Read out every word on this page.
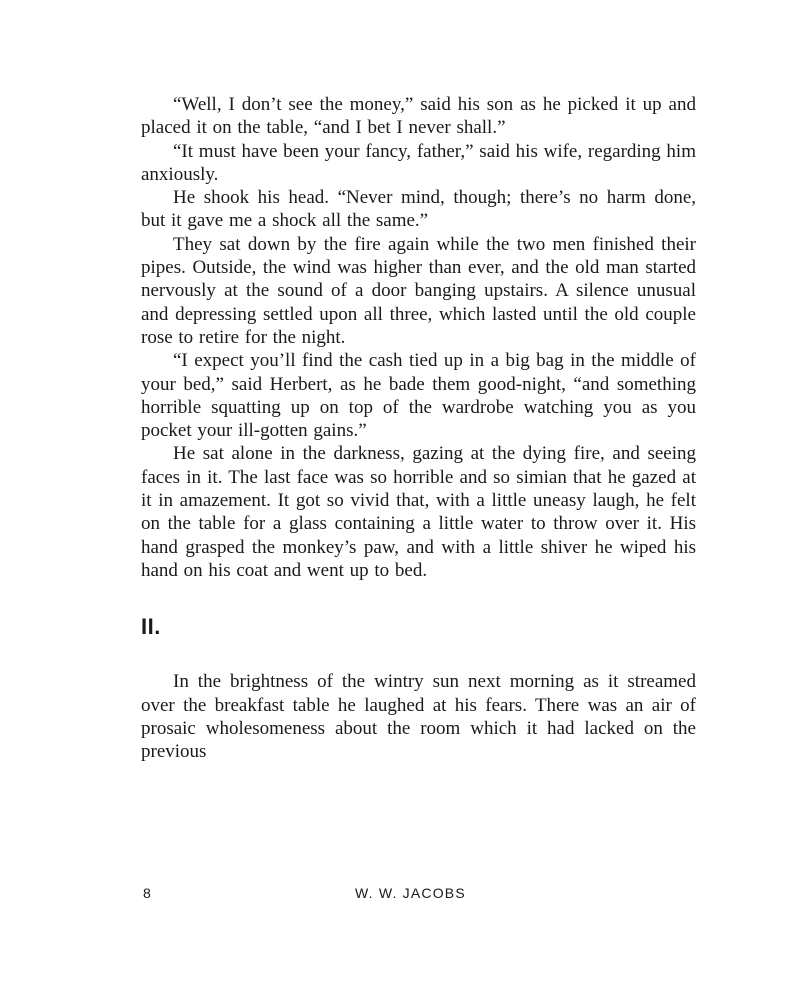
“Well, I don’t see the money,” said his son as he picked it up and placed it on the table, “and I bet I never shall.”

“It must have been your fancy, father,” said his wife, regarding him anxiously.

He shook his head. “Never mind, though; there’s no harm done, but it gave me a shock all the same.”

They sat down by the fire again while the two men finished their pipes. Outside, the wind was higher than ever, and the old man started nervously at the sound of a door banging upstairs. A silence unusual and depressing settled upon all three, which lasted until the old couple rose to retire for the night.

“I expect you’ll find the cash tied up in a big bag in the middle of your bed,” said Herbert, as he bade them good-night, “and something horrible squatting up on top of the wardrobe watching you as you pocket your ill-gotten gains.”

He sat alone in the darkness, gazing at the dying fire, and seeing faces in it. The last face was so horrible and so simian that he gazed at it in amazement. It got so vivid that, with a little uneasy laugh, he felt on the table for a glass containing a little water to throw over it. His hand grasped the monkey’s paw, and with a little shiver he wiped his hand on his coat and went up to bed.

II.

In the brightness of the wintry sun next morning as it streamed over the breakfast table he laughed at his fears. There was an air of prosaic wholesomeness about the room which it had lacked on the previous

8	W. W. JACOBS
